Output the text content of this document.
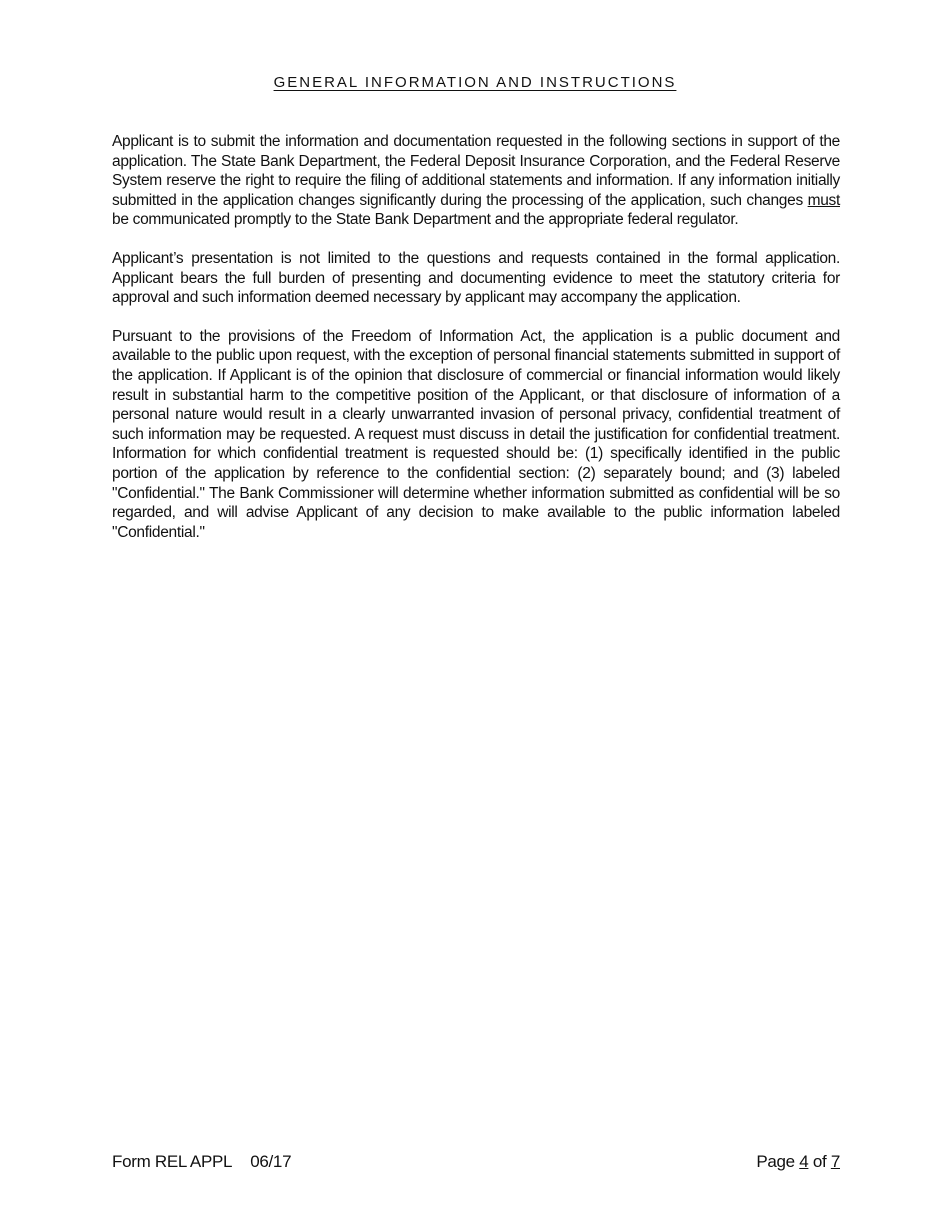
GENERAL INFORMATION AND INSTRUCTIONS

Applicant is to submit the information and documentation requested in the following sections in support of the application. The State Bank Department, the Federal Deposit Insurance Corporation, and the Federal Reserve System reserve the right to require the filing of additional statements and information. If any information initially submitted in the application changes significantly during the processing of the application, such changes must be communicated promptly to the State Bank Department and the appropriate federal regulator.

Applicant’s presentation is not limited to the questions and requests contained in the formal application. Applicant bears the full burden of presenting and documenting evidence to meet the statutory criteria for approval and such information deemed necessary by applicant may accompany the application.

Pursuant to the provisions of the Freedom of Information Act, the application is a public document and available to the public upon request, with the exception of personal financial statements submitted in support of the application. If Applicant is of the opinion that disclosure of commercial or financial information would likely result in substantial harm to the competitive position of the Applicant, or that disclosure of information of a personal nature would result in a clearly unwarranted invasion of personal privacy, confidential treatment of such information may be requested. A request must discuss in detail the justification for confidential treatment. Information for which confidential treatment is requested should be: (1) specifically identified in the public portion of the application by reference to the confidential section: (2) separately bound; and (3) labeled "Confidential." The Bank Commissioner will determine whether information submitted as confidential will be so regarded, and will advise Applicant of any decision to make available to the public information labeled "Confidential."

Form REL APPL 06/17	Page 4 of 7
